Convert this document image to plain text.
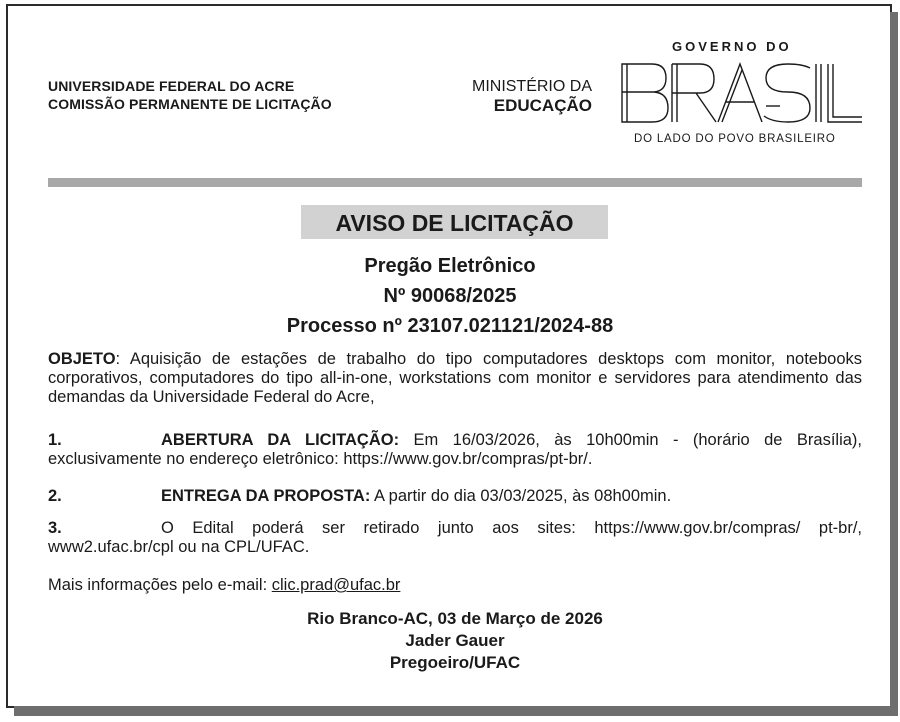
UNIVERSIDADE FEDERAL DO ACRE
COMISSÃO PERMANENTE DE LICITAÇÃO
MINISTÉRIO DA
EDUCAÇÃO
GOVERNO DO
DO LADO DO POVO BRASILEIRO
AVISO DE LICITAÇÃO
Pregão Eletrônico
Nº 90068/2025
Processo nº 23107.021121/2024-88
OBJETO: Aquisição de estações de trabalho do tipo computadores desktops com monitor, notebooks corporativos, computadores do tipo all-in-one, workstations com monitor e servidores para atendimento das demandas da Universidade Federal do Acre,
1.	ABERTURA DA LICITAÇÃO: Em 16/03/2026, às 10h00min - (horário de Brasília), exclusivamente no endereço eletrônico: https://www.gov.br/compras/pt-br/.
2.	ENTREGA DA PROPOSTA: A partir do dia 03/03/2025, às 08h00min.
3.	O Edital poderá ser retirado junto aos sites: https://www.gov.br/compras/ pt-br/, www2.ufac.br/cpl ou na CPL/UFAC.
Mais informações pelo e-mail: clic.prad@ufac.br
Rio Branco-AC, 03 de Março de 2026
Jader Gauer
Pregoeiro/UFAC
